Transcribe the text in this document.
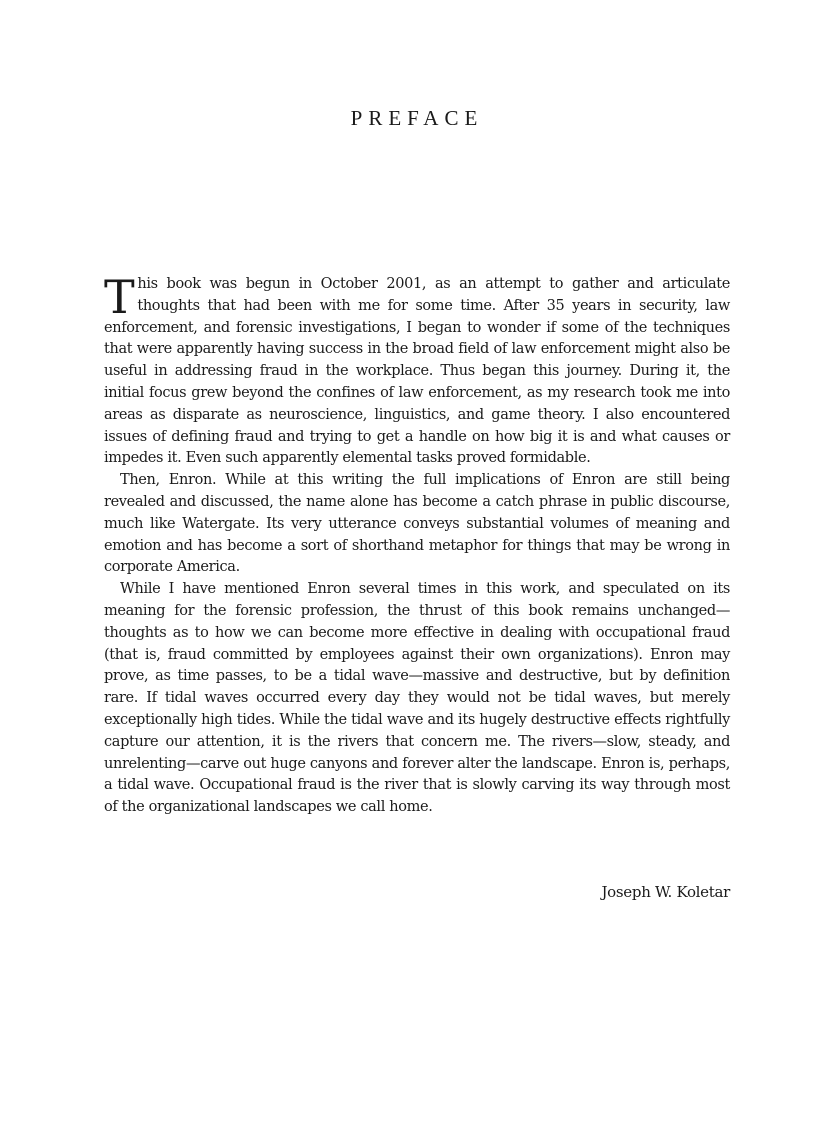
PREFACE

This book was begun in October 2001, as an attempt to gather and articulate thoughts that had been with me for some time. After 35 years in security, law enforcement, and forensic investigations, I began to wonder if some of the techniques that were apparently having success in the broad field of law enforcement might also be useful in addressing fraud in the workplace. Thus began this journey. During it, the initial focus grew beyond the confines of law enforcement, as my research took me into areas as disparate as neuroscience, linguistics, and game theory. I also encountered issues of defining fraud and trying to get a handle on how big it is and what causes or impedes it. Even such apparently elemental tasks proved formidable.

Then, Enron. While at this writing the full implications of Enron are still being revealed and discussed, the name alone has become a catch phrase in public discourse, much like Watergate. Its very utterance conveys substantial volumes of meaning and emotion and has become a sort of shorthand metaphor for things that may be wrong in corporate America.

While I have mentioned Enron several times in this work, and speculated on its meaning for the forensic profession, the thrust of this book remains unchanged—thoughts as to how we can become more effective in dealing with occupational fraud (that is, fraud committed by employees against their own organizations). Enron may prove, as time passes, to be a tidal wave—massive and destructive, but by definition rare. If tidal waves occurred every day they would not be tidal waves, but merely exceptionally high tides. While the tidal wave and its hugely destructive effects rightfully capture our attention, it is the rivers that concern me. The rivers—slow, steady, and unrelenting—carve out huge canyons and forever alter the landscape. Enron is, perhaps, a tidal wave. Occupational fraud is the river that is slowly carving its way through most of the organizational landscapes we call home.

Joseph W. Koletar
